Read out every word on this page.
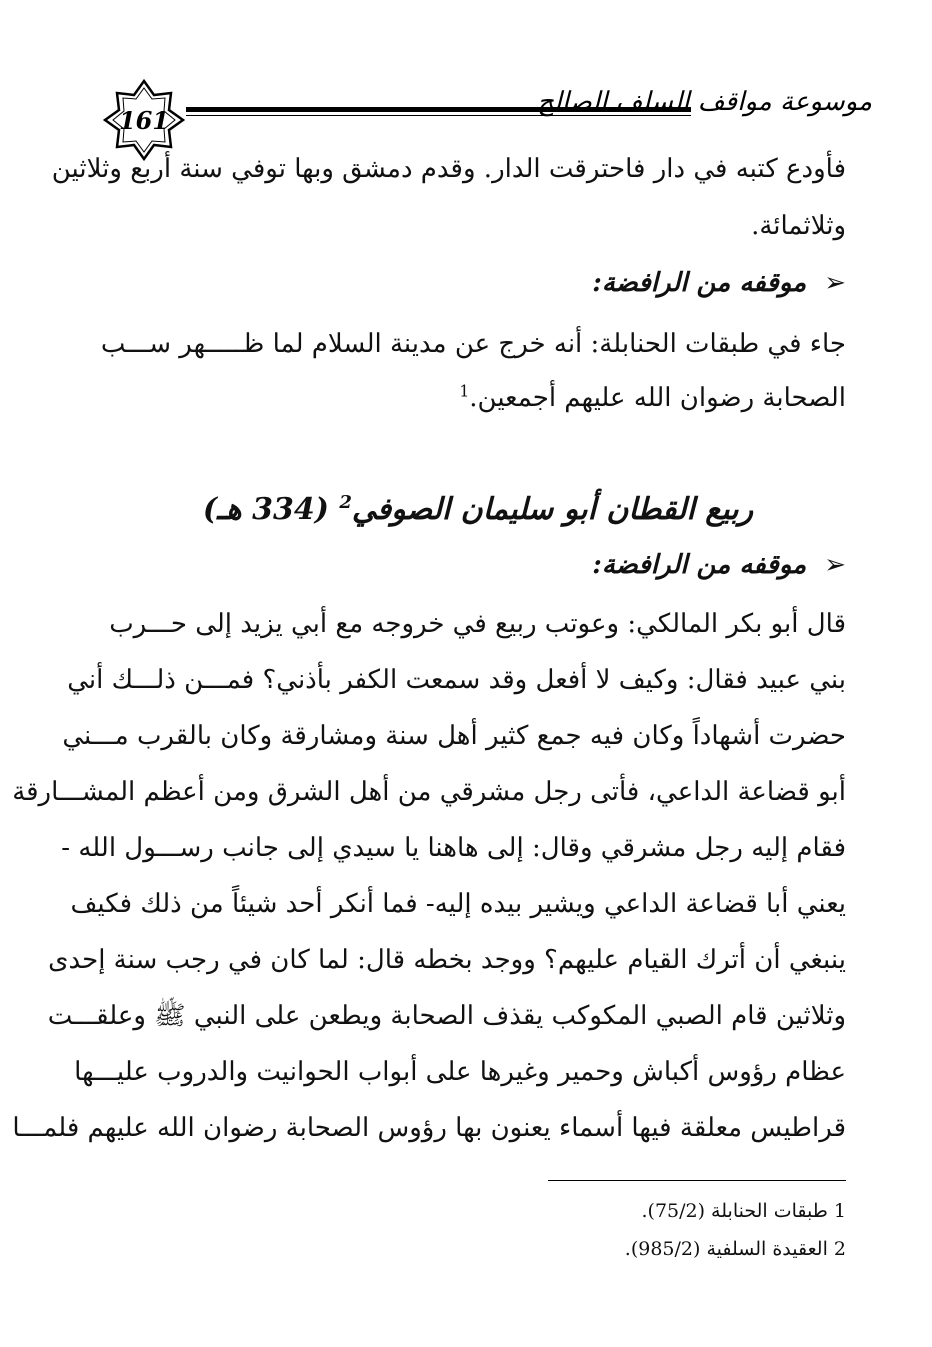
161
موسوعة مواقف السلف الصالح
فأودع كتبه في دار فاحترقت الدار. وقدم دمشق وبها توفي سنة أربع وثلاثين
وثلاثمائة.
➢موقفه من الرافضة:
جاء في طبقات الحنابلة: أنه خرج عن مدينة السلام لما ظـــــهر ســـب
الصحابة رضوان الله عليهم أجمعين.$^1$
ربيع القطان أبو سليمان الصوفي$^2$ (334 هـ)
➢موقفه من الرافضة:
قال أبو بكر المالكي: وعوتب ربيع في خروجه مع أبي يزيد إلى حـــرب
بني عبيد فقال: وكيف لا أفعل وقد سمعت الكفر بأذني؟ فمـــن ذلـــك أني
حضرت أشهاداً وكان فيه جمع كثير أهل سنة ومشارقة وكان بالقرب مـــني
أبو قضاعة الداعي، فأتى رجل مشرقي من أهل الشرق ومن أعظم المشـــارقة
فقام إليه رجل مشرقي وقال: إلى هاهنا يا سيدي إلى جانب رســـول الله -
يعني أبا قضاعة الداعي ويشير بيده إليه- فما أنكر أحد شيئاً من ذلك فكيف
ينبغي أن أترك القيام عليهم؟ ووجد بخطه قال: لما كان في رجب سنة إحدى
وثلاثين قام الصبي المكوكب يقذف الصحابة ويطعن على النبي ﷺ وعلقـــت
عظام رؤوس أكباش وحمير وغيرها على أبواب الحوانيت والدروب عليـــها
قراطيس معلقة فيها أسماء يعنون بها رؤوس الصحابة رضوان الله عليهم فلمـــا
1 طبقات الحنابلة (75/2).
2 العقيدة السلفية (985/2).
